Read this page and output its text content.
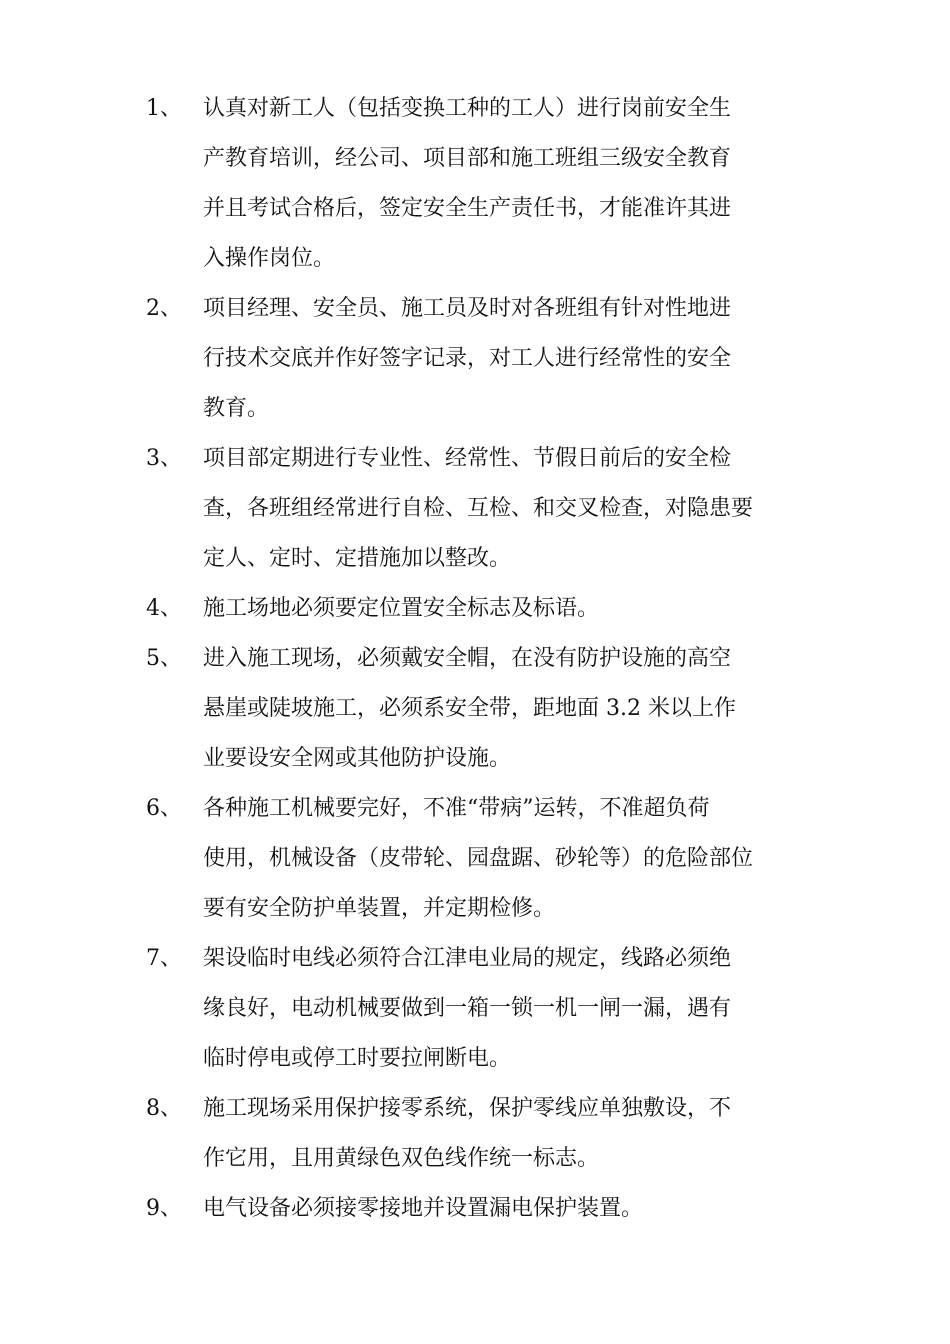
1、 认真对新工人（包括变换工种的工人）进行岗前安全生
产教育培训，经公司、项目部和施工班组三级安全教育
并且考试合格后，签定安全生产责任书，才能准许其进
入操作岗位。
2、 项目经理、安全员、施工员及时对各班组有针对性地进
行技术交底并作好签字记录，对工人进行经常性的安全
教育。
3、 项目部定期进行专业性、经常性、节假日前后的安全检
查，各班组经常进行自检、互检、和交叉检查，对隐患要
定人、定时、定措施加以整改。
4、 施工场地必须要定位置安全标志及标语。
5、 进入施工现场，必须戴安全帽，在没有防护设施的高空
悬崖或陡坡施工，必须系安全带，距地面 3.2 米以上作
业要设安全网或其他防护设施。
6、 各种施工机械要完好，不准“带病”运转，不准超负荷
使用，机械设备（皮带轮、园盘踞、砂轮等）的危险部位
要有安全防护单装置，并定期检修。
7、 架设临时电线必须符合江津电业局的规定，线路必须绝
缘良好，电动机械要做到一箱一锁一机一闸一漏，遇有
临时停电或停工时要拉闸断电。
8、 施工现场采用保护接零系统，保护零线应单独敷设，不
作它用，且用黄绿色双色线作统一标志。
9、 电气设备必须接零接地并设置漏电保护装置。
